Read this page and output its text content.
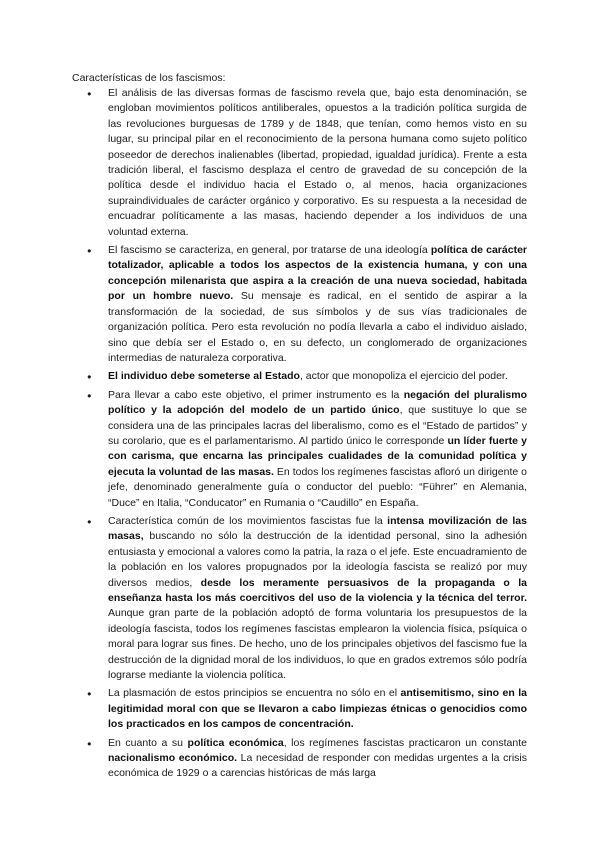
Características de los fascismos:
● El análisis de las diversas formas de fascismo revela que, bajo esta denominación, se engloban movimientos políticos antiliberales, opuestos a la tradición política surgida de las revoluciones burguesas de 1789 y de 1848, que tenían, como hemos visto en su lugar, su principal pilar en el reconocimiento de la persona humana como sujeto político poseedor de derechos inalienables (libertad, propiedad, igualdad jurídica). Frente a esta tradición liberal, el fascismo desplaza el centro de gravedad de su concepción de la política desde el individuo hacia el Estado o, al menos, hacia organizaciones supraindividuales de carácter orgánico y corporativo. Es su respuesta a la necesidad de encuadrar políticamente a las masas, haciendo depender a los individuos de una voluntad externa.
● El fascismo se caracteriza, en general, por tratarse de una ideología política de carácter totalizador, aplicable a todos los aspectos de la existencia humana, y con una concepción milenarista que aspira a la creación de una nueva sociedad, habitada por un hombre nuevo. Su mensaje es radical, en el sentido de aspirar a la transformación de la sociedad, de sus símbolos y de sus vías tradicionales de organización política. Pero esta revolución no podía llevarla a cabo el individuo aislado, sino que debía ser el Estado o, en su defecto, un conglomerado de organizaciones intermedias de naturaleza corporativa.
● El individuo debe someterse al Estado, actor que monopoliza el ejercicio del poder.
● Para llevar a cabo este objetivo, el primer instrumento es la negación del pluralismo político y la adopción del modelo de un partido único, que sustituye lo que se considera una de las principales lacras del liberalismo, como es el “Estado de partidos” y su corolario, que es el parlamentarismo. Al partido único le corresponde un líder fuerte y con carisma, que encarna las principales cualidades de la comunidad política y ejecuta la voluntad de las masas. En todos los regímenes fascistas afloró un dirigente o jefe, denominado generalmente guía o conductor del pueblo: “Führer” en Alemania, “Duce” en Italia, “Conducator” en Rumania o “Caudillo” en España.
● Característica común de los movimientos fascistas fue la intensa movilización de las masas, buscando no sólo la destrucción de la identidad personal, sino la adhesión entusiasta y emocional a valores como la patria, la raza o el jefe. Este encuadramiento de la población en los valores propugnados por la ideología fascista se realizó por muy diversos medios, desde los meramente persuasivos de la propaganda o la enseñanza hasta los más coercitivos del uso de la violencia y la técnica del terror. Aunque gran parte de la población adoptó de forma voluntaria los presupuestos de la ideología fascista, todos los regímenes fascistas emplearon la violencia física, psíquica o moral para lograr sus fines. De hecho, uno de los principales objetivos del fascismo fue la destrucción de la dignidad moral de los individuos, lo que en grados extremos sólo podría lograrse mediante la violencia política.
● La plasmación de estos principios se encuentra no sólo en el antisemitismo, sino en la legitimidad moral con que se llevaron a cabo limpiezas étnicas o genocidios como los practicados en los campos de concentración.
● En cuanto a su política económica, los regímenes fascistas practicaron un constante nacionalismo económico. La necesidad de responder con medidas urgentes a la crisis económica de 1929 o a carencias históricas de más larga
